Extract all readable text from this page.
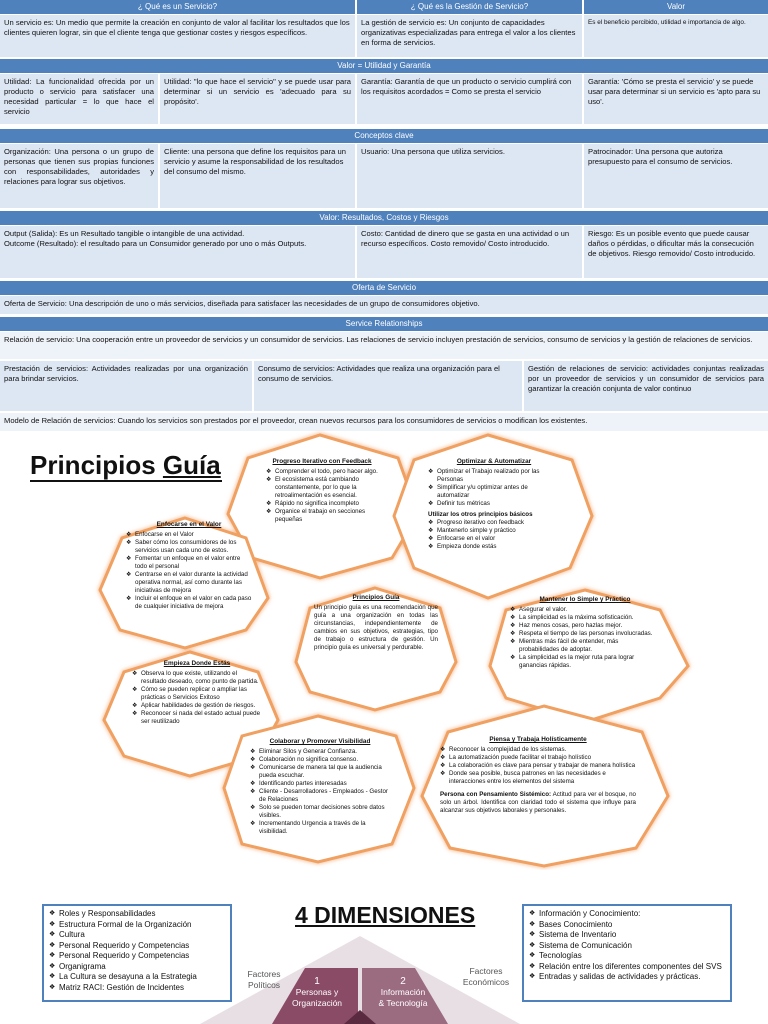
¿ Qué es un Servicio?	¿ Qué es la Gestión de Servicio?	Valor
Un servicio es: Un medio que permite la creación en conjunto de valor al facilitar los resultados que los clientes quieren lograr, sin que el cliente tenga que gestionar costes y riesgos específicos.
La gestión de servicio es: Un conjunto de capacidades organizativas especializadas para entrega el valor a los clientes en forma de servicios.
Es el beneficio percibido, utilidad e importancia de algo.
Valor = Utilidad y Garantía
Utilidad: La funcionalidad ofrecida por un producto o servicio para satisfacer una necesidad particular = lo que hace el servicio
Utilidad: "lo que hace el servicio" y se puede usar para determinar si un servicio es 'adecuado para su propósito'.
Garantía: Garantía de que un producto o servicio cumplirá con los requisitos acordados = Como se presta el servicio
Garantía: 'Cómo se presta el servicio' y se puede usar para determinar si un servicio es 'apto para su uso'.
Conceptos clave
Organización: Una persona o un grupo de personas que tienen sus propias funciones con responsabilidades, autoridades y relaciones para lograr sus objetivos.
Cliente: una persona que define los requisitos para un servicio y asume la responsabilidad de los resultados del consumo del mismo.
Usuario: Una persona que utiliza servicios.	Patrocinador: Una persona que autoriza presupuesto para el consumo de servicios.
Valor: Resultados, Costos y Riesgos
Output (Salida): Es un Resultado tangible o intangible de una actividad.
Outcome (Resultado): el resultado para un Consumidor generado por uno o más Outputs.
Costo: Cantidad de dinero que se gasta en una actividad o un recurso específicos. Costo removido/ Costo introducido.
Riesgo: Es un posible evento que puede causar daños o pérdidas, o dificultar más la consecución de objetivos. Riesgo removido/ Costo introducido.
Oferta de Servicio
Oferta de Servicio: Una descripción de uno o más servicios, diseñada para satisfacer las necesidades de un grupo de consumidores objetivo.
Service Relationships
Relación de servicio: Una cooperación entre un proveedor de servicios y un consumidor de servicios. Las relaciones de servicio incluyen prestación de servicios, consumo de servicios y la gestión de relaciones de servicios.
Prestación de servicios: Actividades realizadas por una organización para brindar servicios.
Consumo de servicios: Actividades que realiza una organización para el consumo de servicios.
Gestión de relaciones de servicio: actividades conjuntas realizadas por un proveedor de servicios y un consumidor de servicios para garantizar la creación conjunta de valor continuo
Modelo de Relación de servicios: Cuando los servicios son prestados por el proveedor, crean nuevos recursos para los consumidores de servicios o modifican los existentes.
Principios Guía	Progreso Iterativo con Feedback
❖ Comprender el todo, pero hacer algo.
❖ El ecosistema está cambiando constantemente, por lo que la retroalimentación es esencial.
❖ Rápido no significa incompleto
❖ Organice el trabajo en secciones pequeñas
Optimizar & Automatizar
❖ Optimizar el Trabajo realizado por las Personas
❖ Simplificar y/u optimizar antes de automatizar
❖ Definir tus métricas
Utilizar los otros principios básicos
❖ Progreso iterativo con feedback
❖ Mantenerlo simple y práctico
❖ Enfocarse en el valor
❖ Empieza donde estás
Enfocarse en el Valor
❖ Enfocarse en el Valor
❖ Saber cómo los consumidores de los servicios usan cada uno de estos.
❖ Fomentar un enfoque en el valor entre todo el personal
❖ Centrarse en el valor durante la actividad operativa normal, así como durante las iniciativas de mejora
❖ Incluir el enfoque en el valor en cada paso de cualquier iniciativa de mejora
Principios Guía

Un principio guía es una recomendación que guía a una organización en todas las circunstancias, independientemente de cambios en sus objetivos, estrategias, tipo de trabajo o estructura de gestión. Un principio guía es universal y perdurable.

Mantener lo Simple y Práctico
❖ Asegurar el valor.
❖ La simplicidad es la máxima sofisticación.
❖ Haz menos cosas, pero hazlas mejor.
❖ Respeta el tiempo de las personas involucradas.
❖ Mientras más fácil de entender, más probabilidades de adoptar.
❖ La simplicidad es la mejor ruta para lograr ganancias rápidas.
Empieza Donde Estás
❖ Observa lo que existe, utilizando el resultado deseado, como punto de partida.
❖ Cómo se pueden replicar o ampliar las prácticas o Servicios Exitoso
❖ Aplicar habilidades de gestión de riesgos.
❖ Reconocer si nada del estado actual puede ser reutilizado
Colaborar y Promover Visibilidad
❖ Eliminar Silos y Generar Confianza.
❖ Colaboración no significa consenso.
❖ Comunicarse de manera tal que la audiencia pueda escuchar.
❖ Identificando partes interesadas
❖ Cliente - Desarrolladores - Empleados - Gestor de Relaciones
❖ Solo se pueden tomar decisiones sobre datos visibles.
❖ Incrementando Urgencia a través de la visibilidad.
Piensa y Trabaja Holísticamente
❖ Reconocer la complejidad de los sistemas.
❖ La automatización puede facilitar el trabajo holístico
❖ La colaboración es clave para pensar y trabajar de manera holística
❖ Donde sea posible, busca patrones en las necesidades e interacciones entre los elementos del sistema

Persona con Pensamiento Sistémico: Actitud para ver el bosque, no solo un árbol. Identifica con claridad todo el sistema que influye para alcanzar sus objetivos laborales y personales.

❖ Roles y Responsabilidades
❖ Estructura Formal de la Organización
❖ Cultura
❖ Personal Requerido y Competencias
❖ Personal Requerido y Competencias
❖ Organigrama
❖ La Cultura se desayuna a la Estrategia
❖ Matriz RACI: Gestión de Incidentes
4 DIMENSIONES
❖	Información y Conocimiento:
❖ Bases Conocimiento
❖ Sistema de Inventario
❖ Sistema de Comunicación
❖ Tecnologías
❖ Relación entre los diferentes componentes del SVS
❖ Entradas y salidas de actividades y prácticas.
Factores
Políticos
Factores
Económicos
1
Personas y
Organización
2
Información
& Tecnología
